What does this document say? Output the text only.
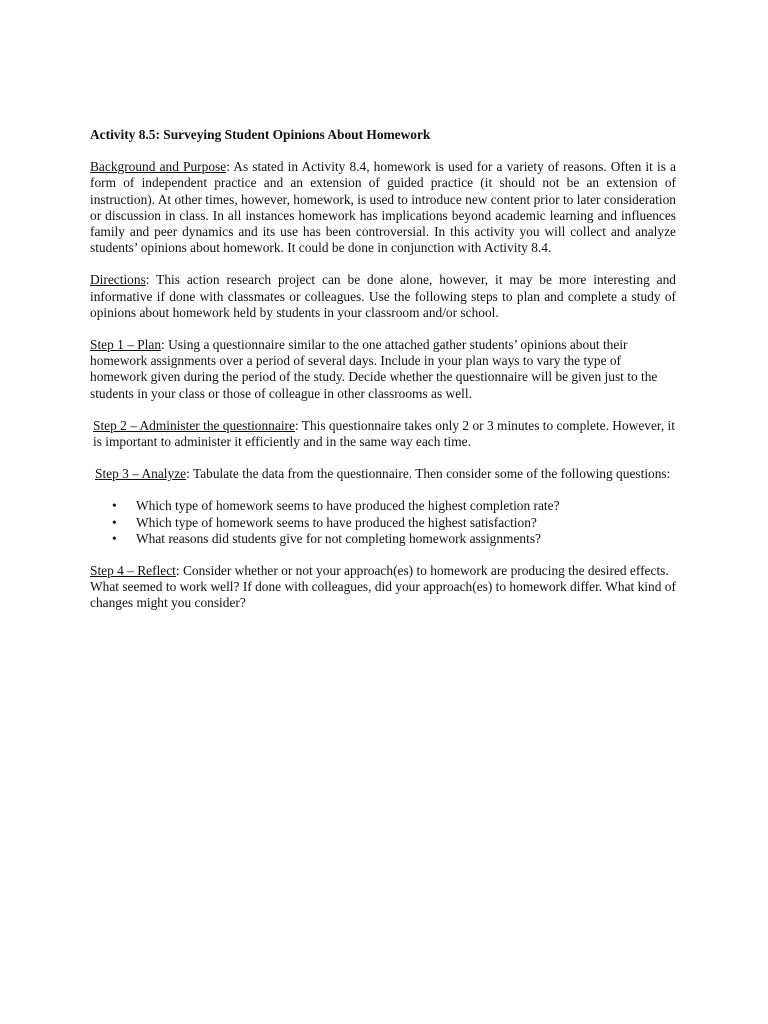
Activity 8.5: Surveying Student Opinions About Homework

Background and Purpose: As stated in Activity 8.4, homework is used for a variety of reasons. Often it is a form of independent practice and an extension of guided practice (it should not be an extension of instruction). At other times, however, homework, is used to introduce new content prior to later consideration or discussion in class. In all instances homework has implications beyond academic learning and influences family and peer dynamics and its use has been controversial. In this activity you will collect and analyze students’ opinions about homework. It could be done in conjunction with Activity 8.4.

Directions: This action research project can be done alone, however, it may be more interesting and informative if done with classmates or colleagues. Use the following steps to plan and complete a study of opinions about homework held by students in your classroom and/or school.

Step 1 – Plan: Using a questionnaire similar to the one attached gather students’ opinions about their homework assignments over a period of several days. Include in your plan ways to vary the type of homework given during the period of the study. Decide whether the questionnaire will be given just to the students in your class or those of colleague in other classrooms as well.

Step 2 – Administer the questionnaire: This questionnaire takes only 2 or 3 minutes to complete. However, it is important to administer it efficiently and in the same way each time.

Step 3 – Analyze: Tabulate the data from the questionnaire. Then consider some of the following questions:

• Which type of homework seems to have produced the highest completion rate?
• Which type of homework seems to have produced the highest satisfaction?
• What reasons did students give for not completing homework assignments?

Step 4 – Reflect: Consider whether or not your approach(es) to homework are producing the desired effects. What seemed to work well? If done with colleagues, did your approach(es) to homework differ. What kind of changes might you consider?
